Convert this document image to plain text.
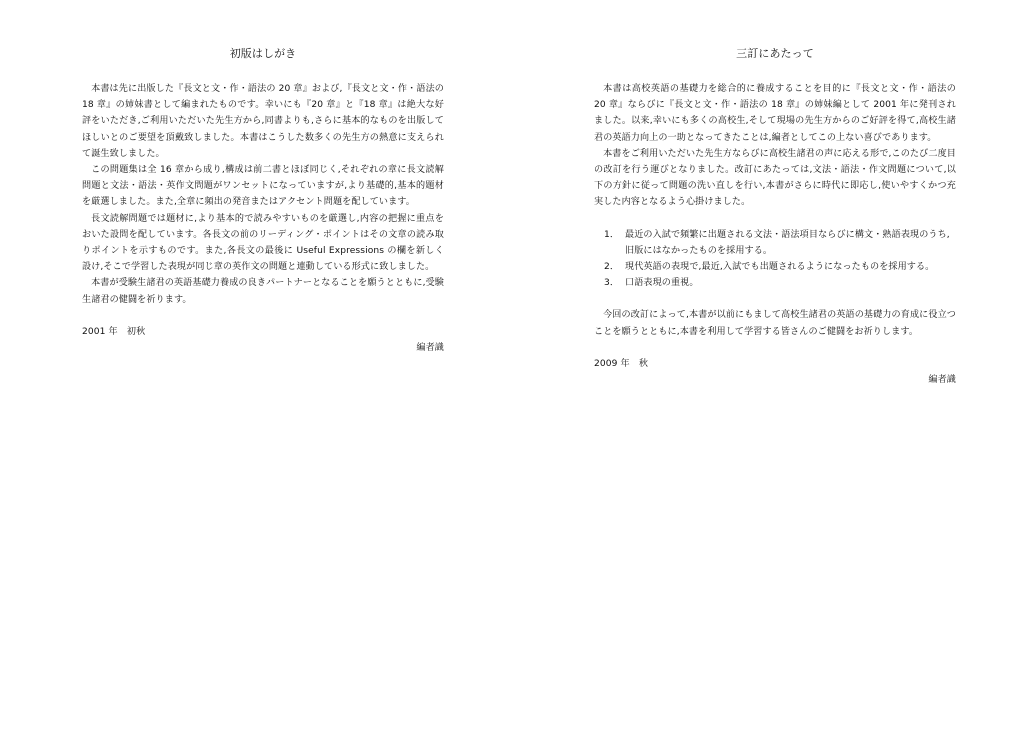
初版はしがき

本書は先に出版した『長文と文・作・語法の 20 章』および,『長文と文・作・語法の 18 章』の姉妹書として編まれたものです。幸いにも『20 章』と『18 章』は絶大な好評をいただき,ご利用いただいた先生方から,同書よりも,さらに基本的なものを出版してほしいとのご要望を頂戴致しました。本書はこうした数多くの先生方の熱意に支えられて誕生致しました。

この問題集は全 16 章から成り,構成は前二書とほぼ同じく,それぞれの章に長文読解問題と文法・語法・英作文問題がワンセットになっていますが,より基礎的,基本的題材を厳選しました。また,全章に頻出の発音またはアクセント問題を配しています。

長文読解問題では題材に,より基本的で読みやすいものを厳選し,内容の把握に重点をおいた設問を配しています。各長文の前のリーディング・ポイントはその文章の読み取りポイントを示すものです。また,各長文の最後に Useful Expressions の欄を新しく設け,そこで学習した表現が同じ章の英作文の問題と連動している形式に致しました。

本書が受験生諸君の英語基礎力養成の良きパートナーとなることを願うとともに,受験生諸君の健闘を祈ります。

2001 年　初秋

編者識

三訂にあたって

本書は高校英語の基礎力を総合的に養成することを目的に『長文と文・作・語法の 20 章』ならびに『長文と文・作・語法の 18 章』の姉妹編として 2001 年に発刊されました。以来,幸いにも多くの高校生,そして現場の先生方からのご好評を得て,高校生諸君の英語力向上の一助となってきたことは,編者としてこの上ない喜びであります。

本書をご利用いただいた先生方ならびに高校生諸君の声に応える形で,このたび二度目の改訂を行う運びとなりました。改訂にあたっては,文法・語法・作文問題について,以下の方針に従って問題の洗い直しを行い,本書がさらに時代に即応し,使いやすくかつ充実した内容となるよう心掛けました。

1． 最近の入試で頻繁に出題される文法・語法項目ならびに構文・熟語表現のうち,旧版にはなかったものを採用する。
2． 現代英語の表現で,最近,入試でも出題されるようになったものを採用する。
3． 口語表現の重視。

今回の改訂によって,本書が以前にもまして高校生諸君の英語の基礎力の育成に役立つことを願うとともに,本書を利用して学習する皆さんのご健闘をお祈りします。

2009 年　秋

編者識
